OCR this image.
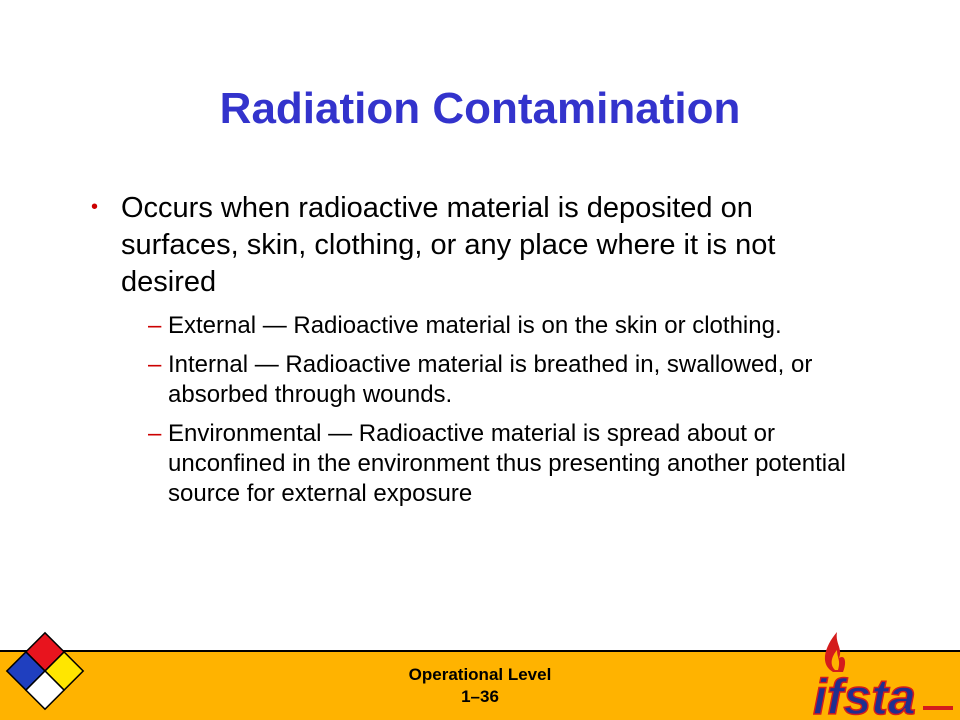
Radiation Contamination
• Occurs when radioactive material is deposited on surfaces, skin, clothing, or any place where it is not desired
– External — Radioactive material is on the skin or clothing.
– Internal — Radioactive material is breathed in, swallowed, or absorbed through wounds.
– Environmental — Radioactive material is spread about or unconfined in the environment thus presenting another potential source for external exposure
Operational Level
1–36	ifsta
